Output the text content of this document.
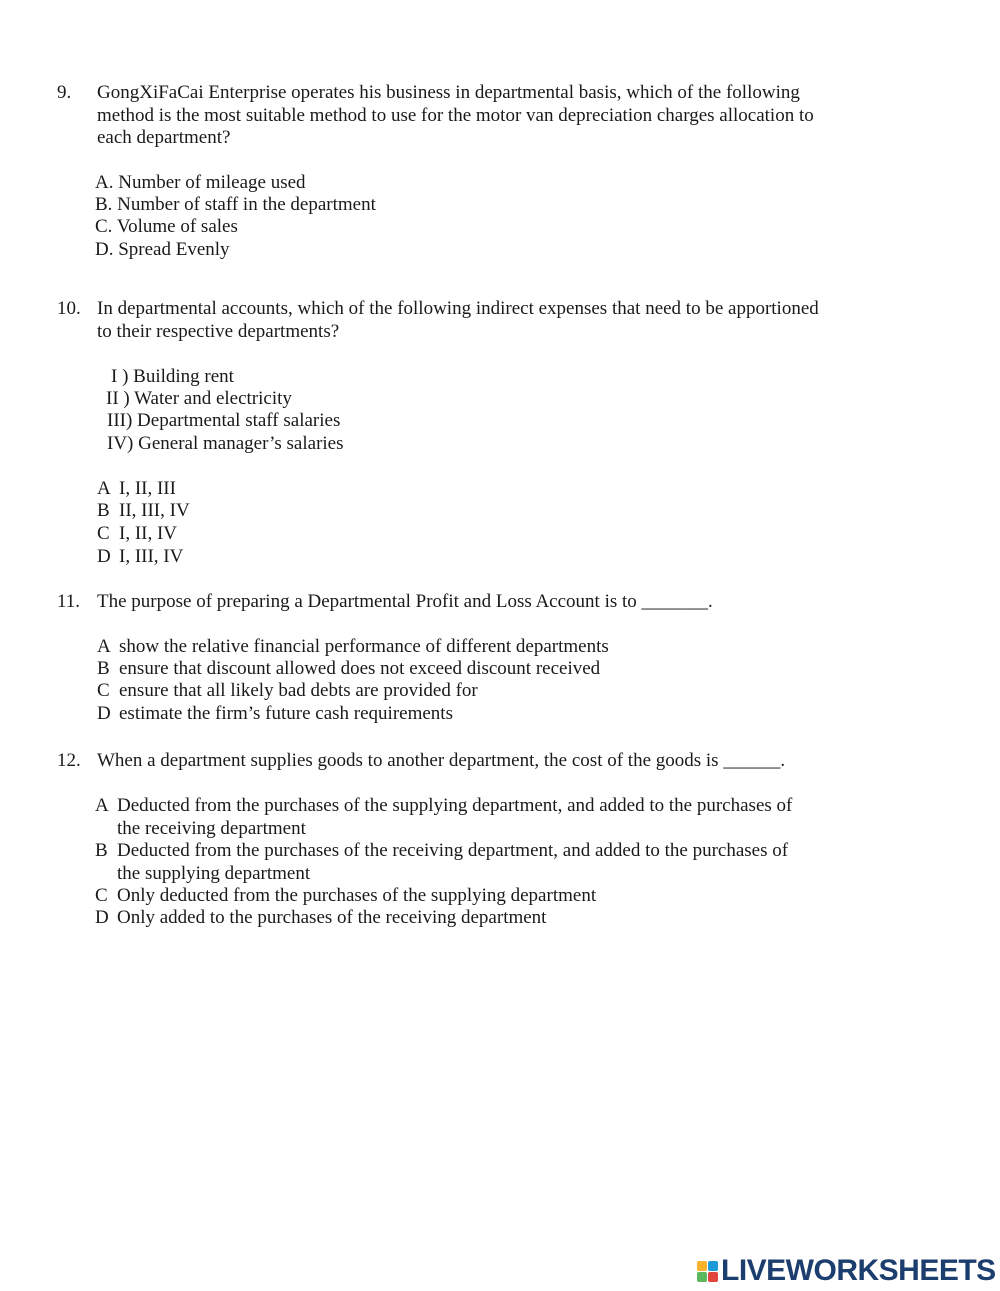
9. GongXiFaCai Enterprise operates his business in departmental basis, which of the following
method is the most suitable method to use for the motor van depreciation charges allocation to
each department?
A. Number of mileage used
B. Number of staff in the department
C. Volume of sales
D. Spread Evenly
10. In departmental accounts, which of the following indirect expenses that need to be apportioned
to their respective departments?
I ) Building rent
II ) Water and electricity
III) Departmental staff salaries
IV) General manager’s salaries
A I, II, III
B II, III, IV
C I, II, IV
D I, III, IV
11. The purpose of preparing a Departmental Profit and Loss Account is to _______.
A show the relative financial performance of different departments
B ensure that discount allowed does not exceed discount received
C ensure that all likely bad debts are provided for
D estimate the firm’s future cash requirements
12. When a department supplies goods to another department, the cost of the goods is ______.
A Deducted from the purchases of the supplying department, and added to the purchases of
the receiving department
B Deducted from the purchases of the receiving department, and added to the purchases of
the supplying department
C Only deducted from the purchases of the supplying department
D Only added to the purchases of the receiving department
LIVEWORKSHEETS
